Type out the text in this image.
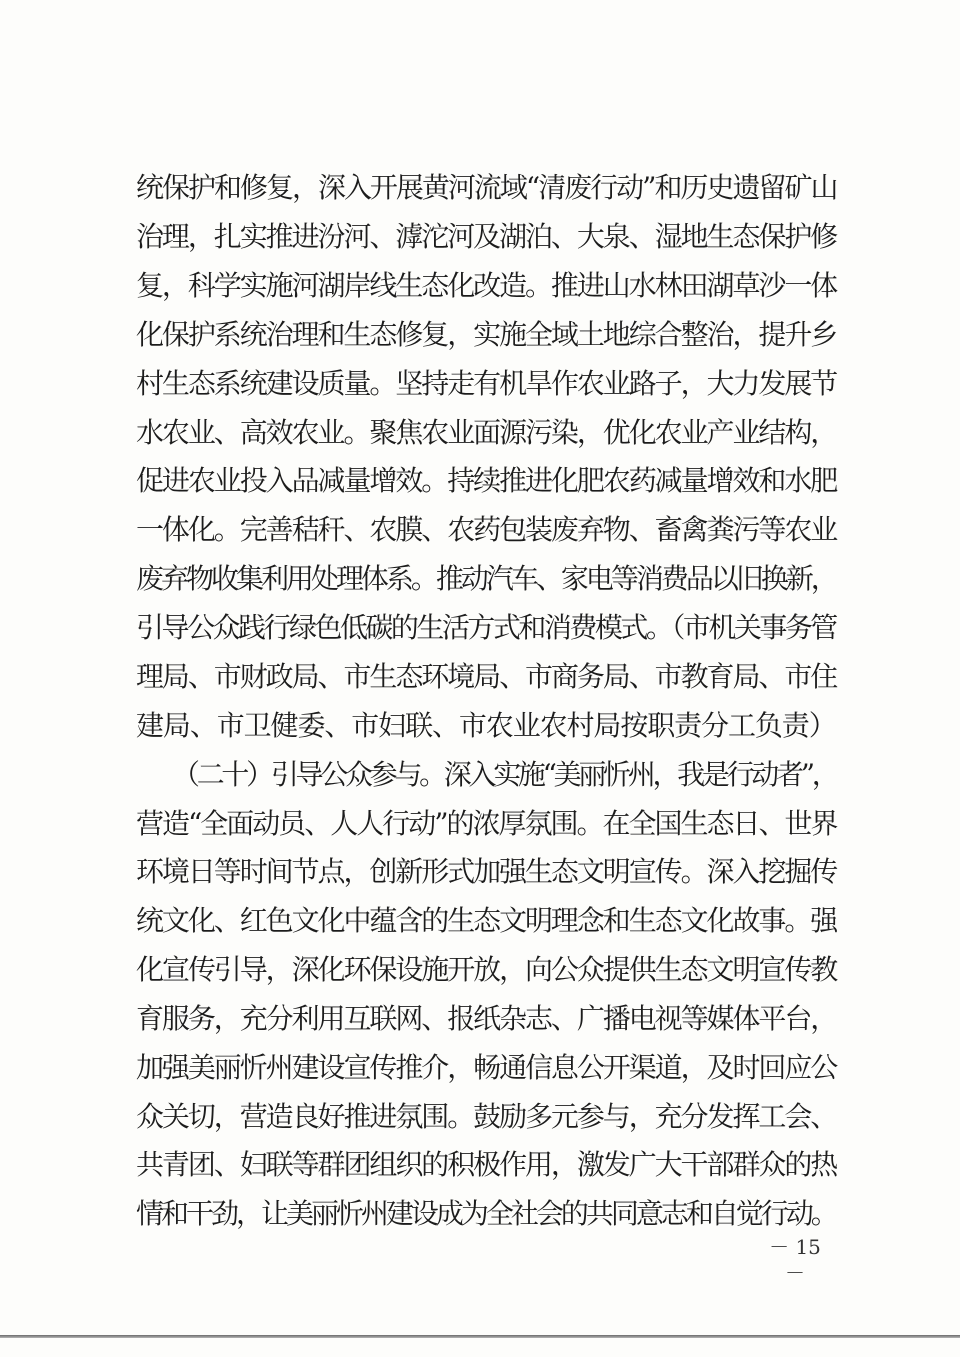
统保护和修复，深入开展黄河流域“清废行动”和历史遗留矿山
治理，扎实推进汾河、滹沱河及湖泊、大泉、湿地生态保护修
复，科学实施河湖岸线生态化改造。推进山水林田湖草沙一体
化保护系统治理和生态修复，实施全域土地综合整治，提升乡
村生态系统建设质量。坚持走有机旱作农业路子，大力发展节
水农业、高效农业。聚焦农业面源污染，优化农业产业结构，
促进农业投入品减量增效。持续推进化肥农药减量增效和水肥
一体化。完善秸秆、农膜、农药包装废弃物、畜禽粪污等农业
废弃物收集利用处理体系。推动汽车、家电等消费品以旧换新，
引导公众践行绿色低碳的生活方式和消费模式。（市机关事务管
理局、市财政局、市生态环境局、市商务局、市教育局、市住
建局、市卫健委、市妇联、市农业农村局按职责分工负责）
（二十）引导公众参与。深入实施“美丽忻州，我是行动者”，
营造“全面动员、人人行动”的浓厚氛围。在全国生态日、世界
环境日等时间节点，创新形式加强生态文明宣传。深入挖掘传
统文化、红色文化中蕴含的生态文明理念和生态文化故事。强
化宣传引导，深化环保设施开放，向公众提供生态文明宣传教
育服务，充分利用互联网、报纸杂志、广播电视等媒体平台，
加强美丽忻州建设宣传推介，畅通信息公开渠道，及时回应公
众关切，营造良好推进氛围。鼓励多元参与，充分发挥工会、
共青团、妇联等群团组织的积极作用，激发广大干部群众的热
情和干劲，让美丽忻州建设成为全社会的共同意志和自觉行动。
－ 15 －
